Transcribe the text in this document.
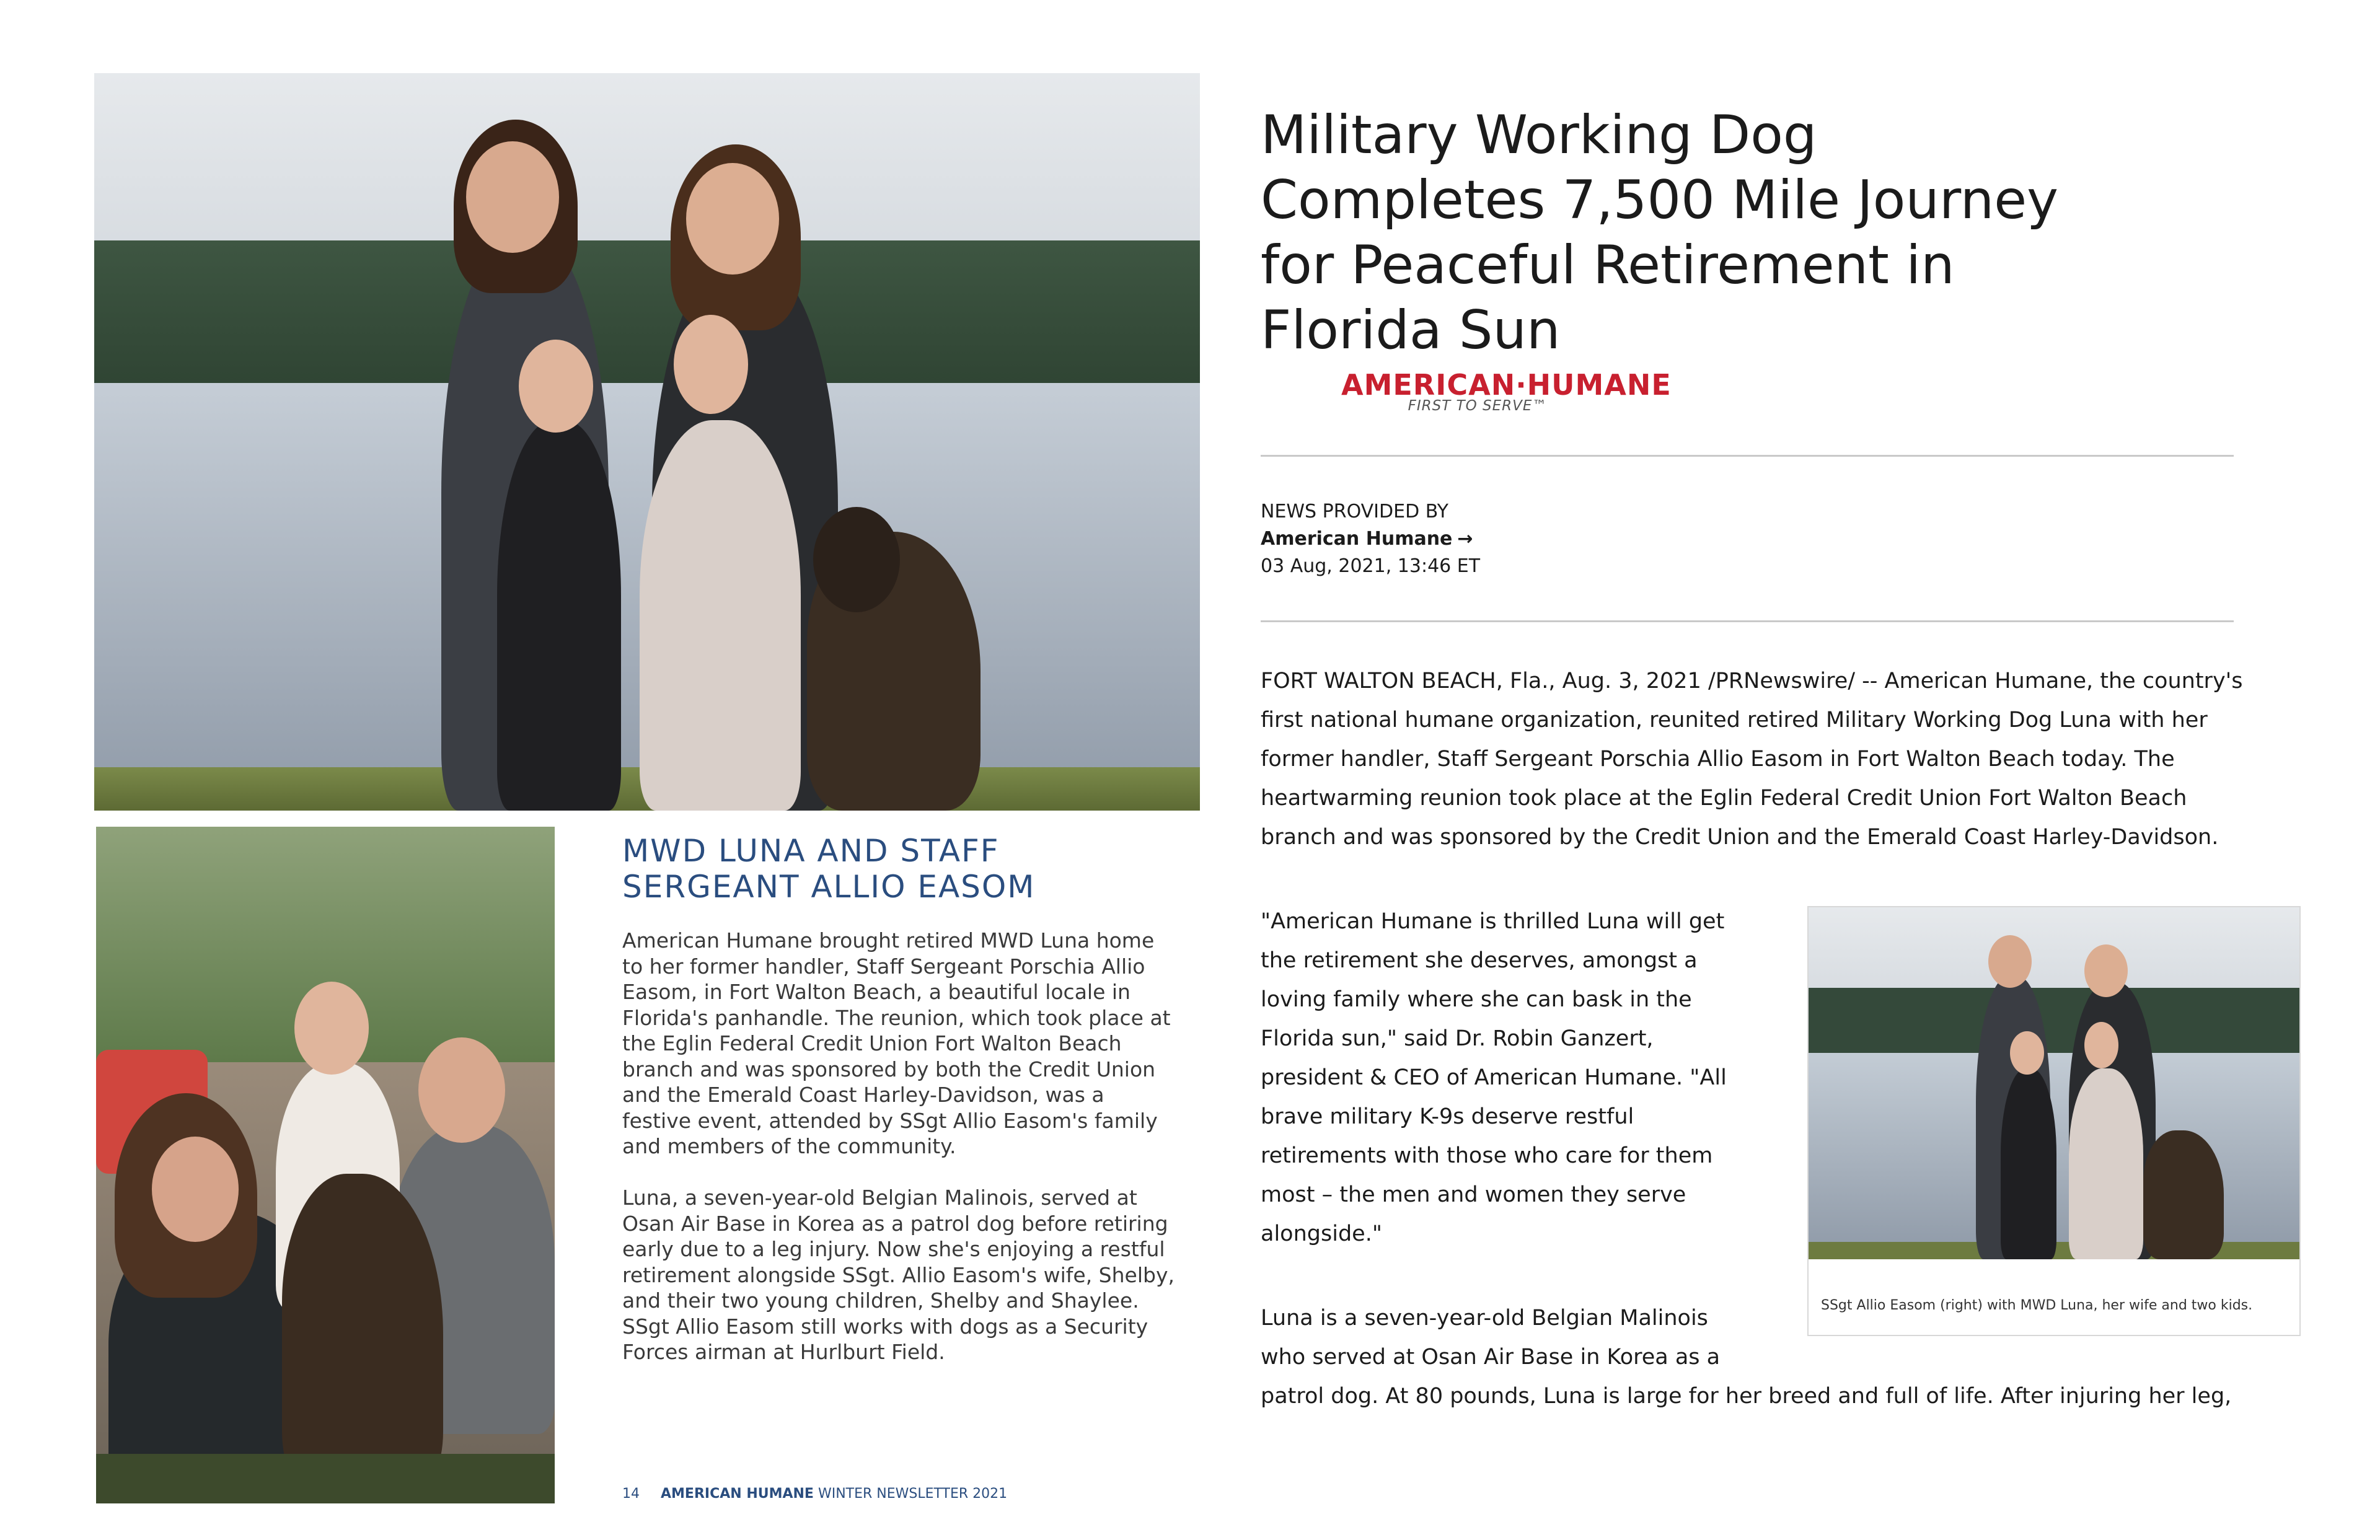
MWD LUNA AND STAFF
SERGEANT ALLIO EASOM
American Humane brought retired MWD Luna home
to her former handler, Staff Sergeant Porschia Allio
Easom, in Fort Walton Beach, a beautiful locale in
Florida's panhandle. The reunion, which took place at
the Eglin Federal Credit Union Fort Walton Beach
branch and was sponsored by both the Credit Union
and the Emerald Coast Harley-Davidson, was a
festive event, attended by SSgt Allio Easom's family
and members of the community.
Luna, a seven-year-old Belgian Malinois, served at
Osan Air Base in Korea as a patrol dog before retiring
early due to a leg injury. Now she's enjoying a restful
retirement alongside SSgt. Allio Easom's wife, Shelby,
and their two young children, Shelby and Shaylee.
SSgt Allio Easom still works with dogs as a Security
Forces airman at Hurlburt Field.
14 AMERICAN HUMANE WINTER NEWSLETTER 2021
Military Working Dog
Completes 7,500 Mile Journey
for Peaceful Retirement in
Florida Sun
AMERICAN·HUMANE
FIRST TO SERVE™
NEWS PROVIDED BY
American Humane →
03 Aug, 2021, 13:46 ET
FORT WALTON BEACH, Fla., Aug. 3, 2021 /PRNewswire/ -- American Humane, the country's
first national humane organization, reunited retired Military Working Dog Luna with her
former handler, Staff Sergeant Porschia Allio Easom in Fort Walton Beach today. The
heartwarming reunion took place at the Eglin Federal Credit Union Fort Walton Beach
branch and was sponsored by the Credit Union and the Emerald Coast Harley-Davidson.
"American Humane is thrilled Luna will get
the retirement she deserves, amongst a
loving family where she can bask in the
Florida sun," said Dr. Robin Ganzert,
president & CEO of American Humane. "All
brave military K-9s deserve restful
retirements with those who care for them
most – the men and women they serve
alongside."
SSgt Allio Easom (right) with MWD Luna, her wife and two kids.
Luna is a seven-year-old Belgian Malinois
who served at Osan Air Base in Korea as a
patrol dog. At 80 pounds, Luna is large for her breed and full of life. After injuring her leg,
